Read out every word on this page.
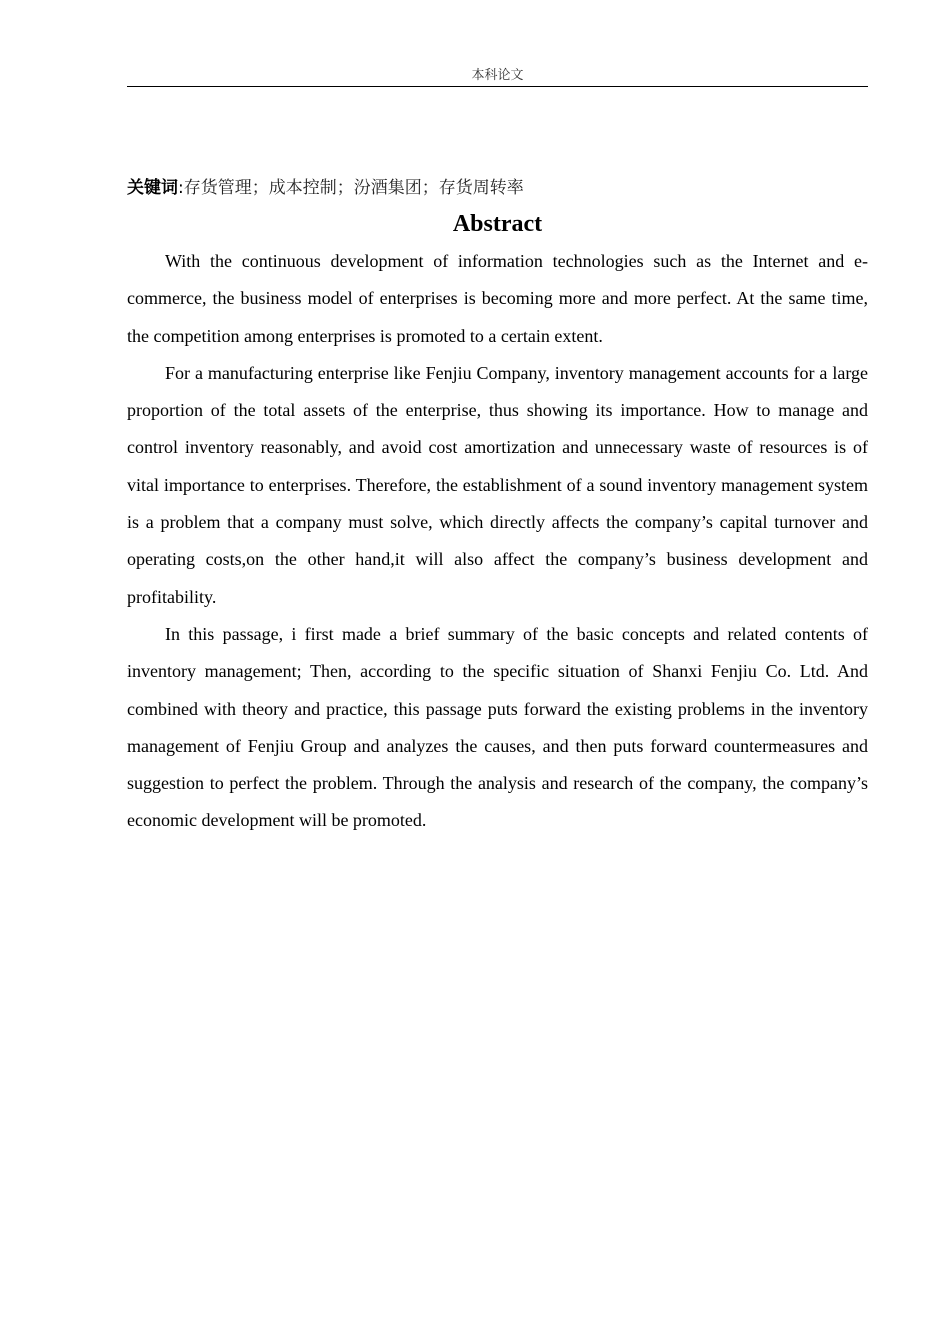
本科论文
关键词:存货管理；成本控制；汾酒集团；存货周转率
Abstract

With the continuous development of information technologies such as the Internet and e-commerce, the business model of enterprises is becoming more and more perfect. At the same time, the competition among enterprises is promoted to a certain extent.

For a manufacturing enterprise like Fenjiu Company, inventory management accounts for a large proportion of the total assets of the enterprise, thus showing its importance. How to manage and control inventory reasonably, and avoid cost amortization and unnecessary waste of resources is of vital importance to enterprises. Therefore, the establishment of a sound inventory management system is a problem that a company must solve, which directly affects the company’s capital turnover and operating costs,on the other hand,it will also affect the company’s business development and profitability.

In this passage, i first made a brief summary of the basic concepts and related contents of inventory management; Then, according to the specific situation of Shanxi Fenjiu Co. Ltd. And combined with theory and practice, this passage puts forward the existing problems in the inventory management of Fenjiu Group and analyzes the causes, and then puts forward countermeasures and suggestion to perfect the problem. Through the analysis and research of the company, the company’s economic development will be promoted.
